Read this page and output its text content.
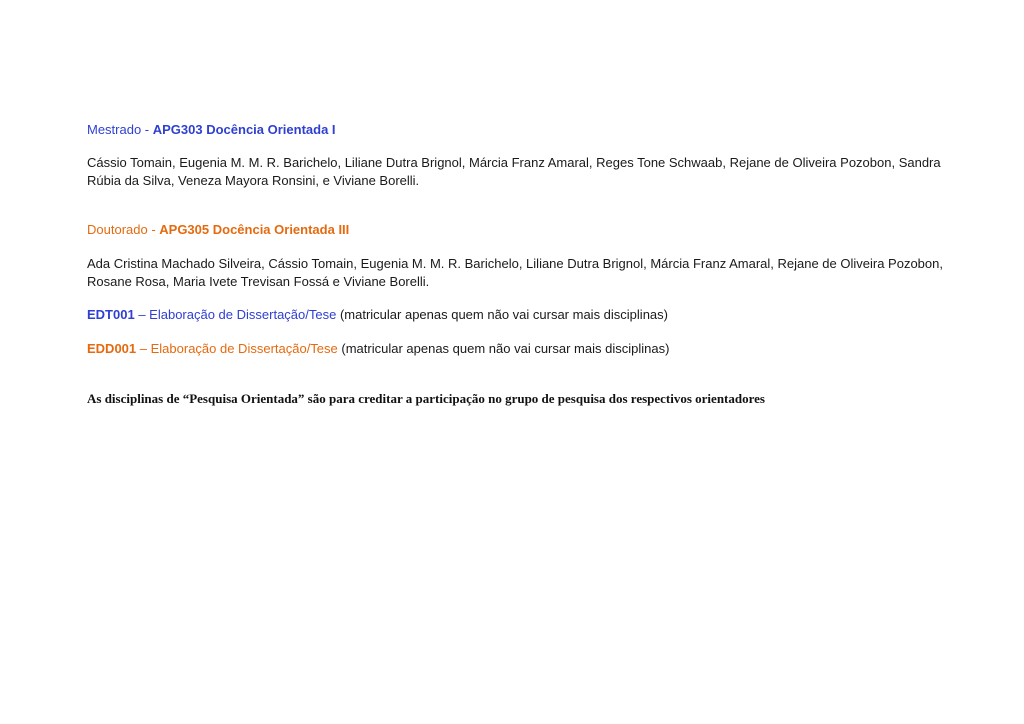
Mestrado - APG303 Docência Orientada I
Cássio Tomain, Eugenia M. M. R. Barichelo, Liliane Dutra Brignol, Márcia Franz Amaral, Reges Tone Schwaab, Rejane de Oliveira Pozobon, Sandra Rúbia da Silva, Veneza Mayora Ronsini, e Viviane Borelli.
Doutorado - APG305 Docência Orientada III
Ada Cristina Machado Silveira, Cássio Tomain, Eugenia M. M. R. Barichelo, Liliane Dutra Brignol, Márcia Franz Amaral, Rejane de Oliveira Pozobon, Rosane Rosa, Maria Ivete Trevisan Fossá e Viviane Borelli.
EDT001 – Elaboração de Dissertação/Tese (matricular apenas quem não vai cursar mais disciplinas)
EDD001 – Elaboração de Dissertação/Tese (matricular apenas quem não vai cursar mais disciplinas)
As disciplinas de “Pesquisa Orientada” são para creditar a participação no grupo de pesquisa dos respectivos orientadores
